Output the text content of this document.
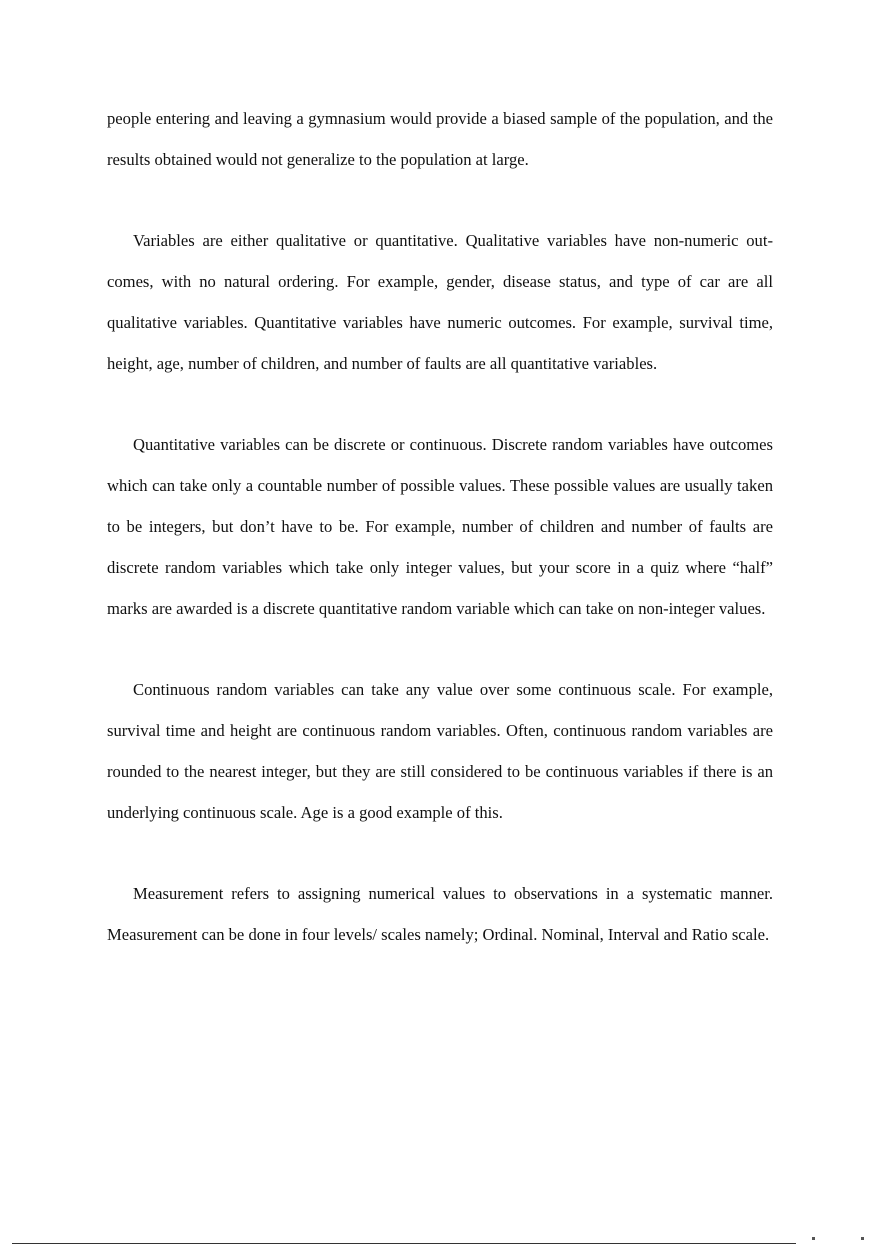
people entering and leaving a gymnasium would provide a biased sample of the population, and the results obtained would not generalize to the population at large.

Variables are either qualitative or quantitative. Qualitative variables have non-numeric out-comes, with no natural ordering. For example, gender, disease status, and type of car are all qualitative variables. Quantitative variables have numeric outcomes. For example, survival time, height, age, number of children, and number of faults are all quantitative variables.

Quantitative variables can be discrete or continuous. Discrete random variables have outcomes which can take only a countable number of possible values. These possible values are usually taken to be integers, but don’t have to be. For example, number of children and number of faults are discrete random variables which take only integer values, but your score in a quiz where “half” marks are awarded is a discrete quantitative random variable which can take on non-integer values.

Continuous random variables can take any value over some continuous scale. For example, survival time and height are continuous random variables. Often, continuous random variables are rounded to the nearest integer, but they are still considered to be continuous variables if there is an underlying continuous scale. Age is a good example of this.

Measurement refers to assigning numerical values to observations in a systematic manner. Measurement can be done in four levels/ scales namely; Ordinal. Nominal, Interval and Ratio scale.
